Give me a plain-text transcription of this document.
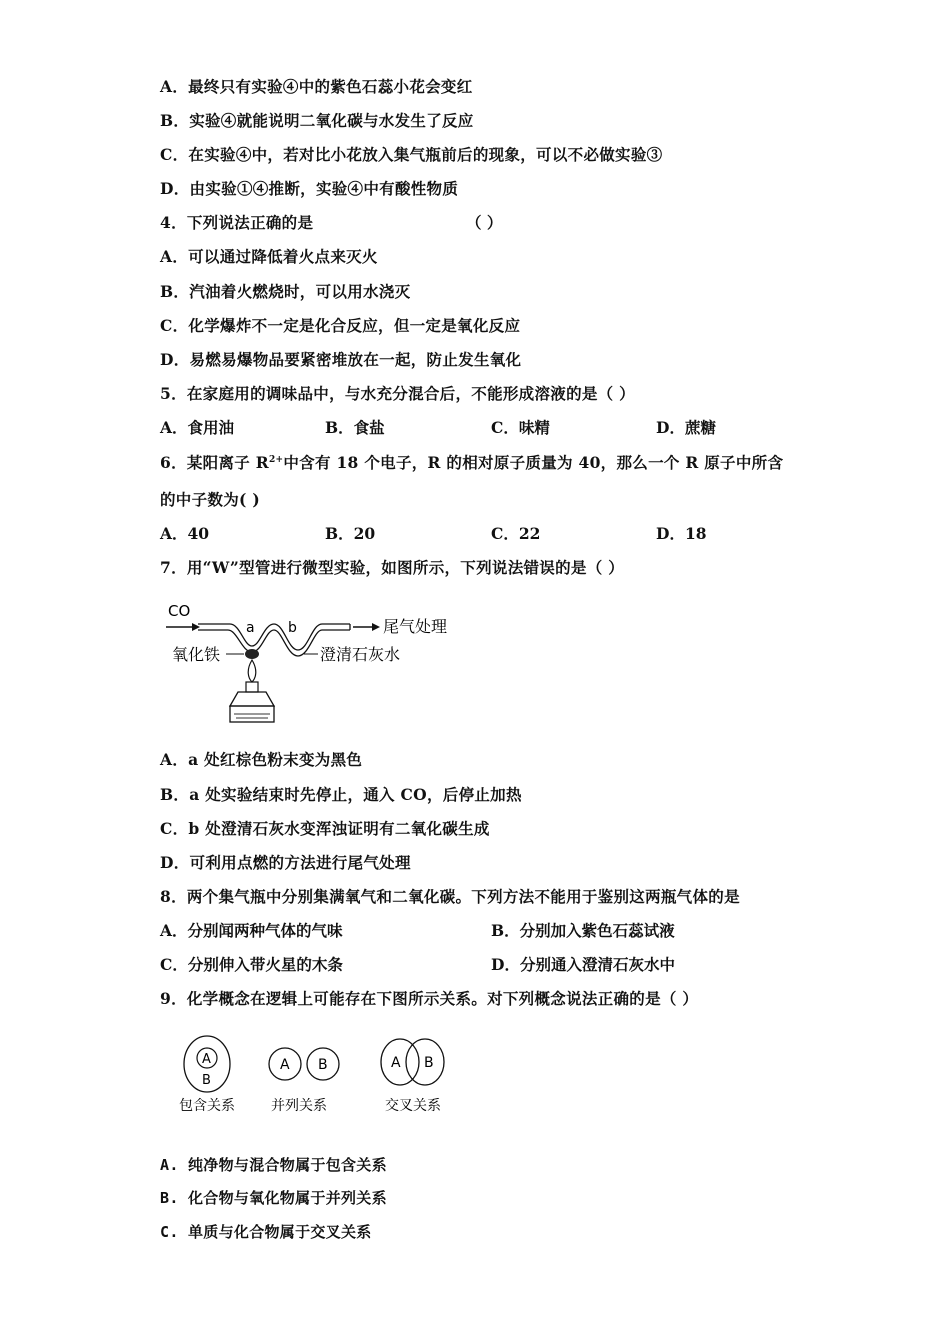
A．最终只有实验④中的紫色石蕊小花会变红
B．实验④就能说明二氧化碳与水发生了反应
C．在实验④中，若对比小花放入集气瓶前后的现象，可以不必做实验③
D．由实验①④推断，实验④中有酸性物质
4．下列说法正确的是	（ ）
A．可以通过降低着火点来灭火
B．汽油着火燃烧时，可以用水浇灭
C．化学爆炸不一定是化合反应，但一定是氧化反应
D．易燃易爆物品要紧密堆放在一起，防止发生氧化
5．在家庭用的调味品中，与水充分混合后，不能形成溶液的是（ ）
A．食用油	B．食盐	C．味精	D．蔗糖
6．某阳离子 $R^{2+}$中含有 18 个电子，R 的相对原子质量为 40，那么一个 R 原子中所含
的中子数为( )
A．40	B．20	C．22	D．18
7．用“W”型管进行微型实验，如图所示，下列说法错误的是（ ）
CO
a b	尾气处理
氧化铁	澄清石灰水
A．a 处红棕色粉末变为黑色
B．a 处实验结束时先停止，通入 CO，后停止加热
C．b 处澄清石灰水变浑浊证明有二氧化碳生成
D．可利用点燃的方法进行尾气处理
8．两个集气瓶中分别集满氧气和二氧化碳。下列方法不能用于鉴别这两瓶气体的是
A．分别闻两种气体的气味	B．分别加入紫色石蕊试液
C．分别伸入带火星的木条	D．分别通入澄清石灰水中
9．化学概念在逻辑上可能存在下图所示关系。对下列概念说法正确的是（ ）
A
B
包含关系
A B
并列关系
A B
交叉关系
A. 纯净物与混合物属于包含关系
B. 化合物与氧化物属于并列关系
C. 单质与化合物属于交叉关系
